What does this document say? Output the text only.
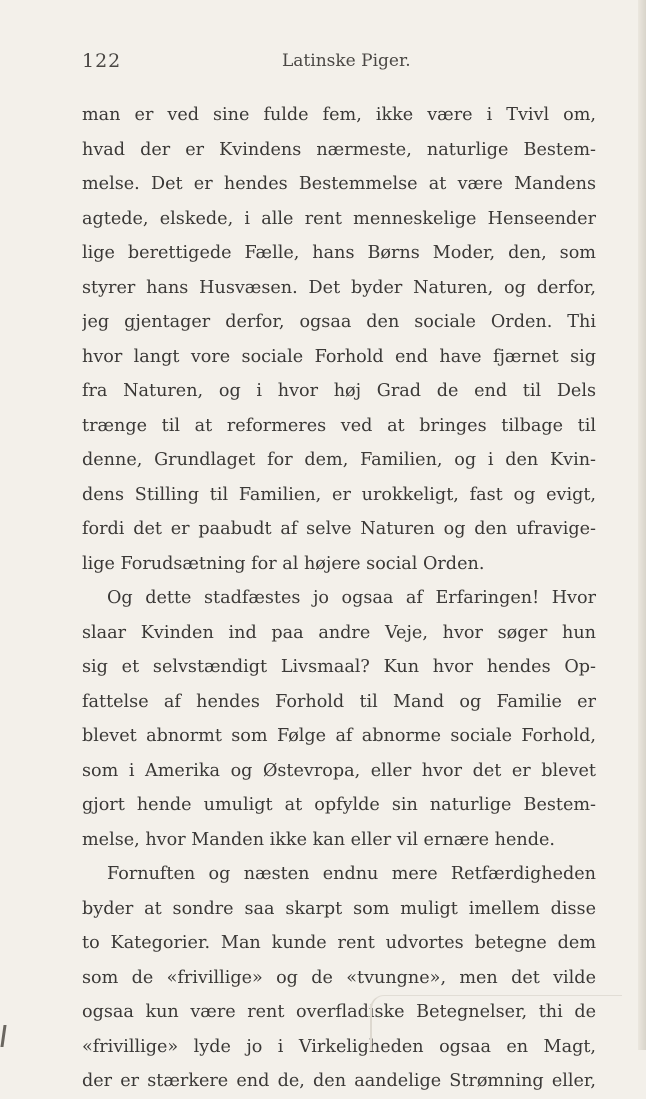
122	Latinske Piger.
man er ved sine fulde fem, ikke være i Tvivl om,
hvad der er Kvindens nærmeste, naturlige Bestem-
melse. Det er hendes Bestemmelse at være Mandens
agtede, elskede, i alle rent menneskelige Henseender
lige berettigede Fælle, hans Børns Moder, den, som
styrer hans Husvæsen. Det byder Naturen, og derfor,
jeg gjentager derfor, ogsaa den sociale Orden. Thi
hvor langt vore sociale Forhold end have fjærnet sig
fra Naturen, og i hvor høj Grad de end til Dels
trænge til at reformeres ved at bringes tilbage til
denne, Grundlaget for dem, Familien, og i den Kvin-
dens Stilling til Familien, er urokkeligt, fast og evigt,
fordi det er paabudt af selve Naturen og den ufravige-
lige Forudsætning for al højere social Orden.
Og dette stadfæstes jo ogsaa af Erfaringen! Hvor
slaar Kvinden ind paa andre Veje, hvor søger hun
sig et selvstændigt Livsmaal? Kun hvor hendes Op-
fattelse af hendes Forhold til Mand og Familie er
blevet abnormt som Følge af abnorme sociale Forhold,
som i Amerika og Østevropa, eller hvor det er blevet
gjort hende umuligt at opfylde sin naturlige Bestem-
melse, hvor Manden ikke kan eller vil ernære hende.
Fornuften og næsten endnu mere Retfærdigheden
byder at sondre saa skarpt som muligt imellem disse
to Kategorier. Man kunde rent udvortes betegne dem
som de «frivillige» og de «tvungne», men det vilde
ogsaa kun være rent overfladiske Betegnelser, thi de
«frivillige» lyde jo i Virkeligheden ogsaa en Magt,
der er stærkere end de, den aandelige Strømning eller,
